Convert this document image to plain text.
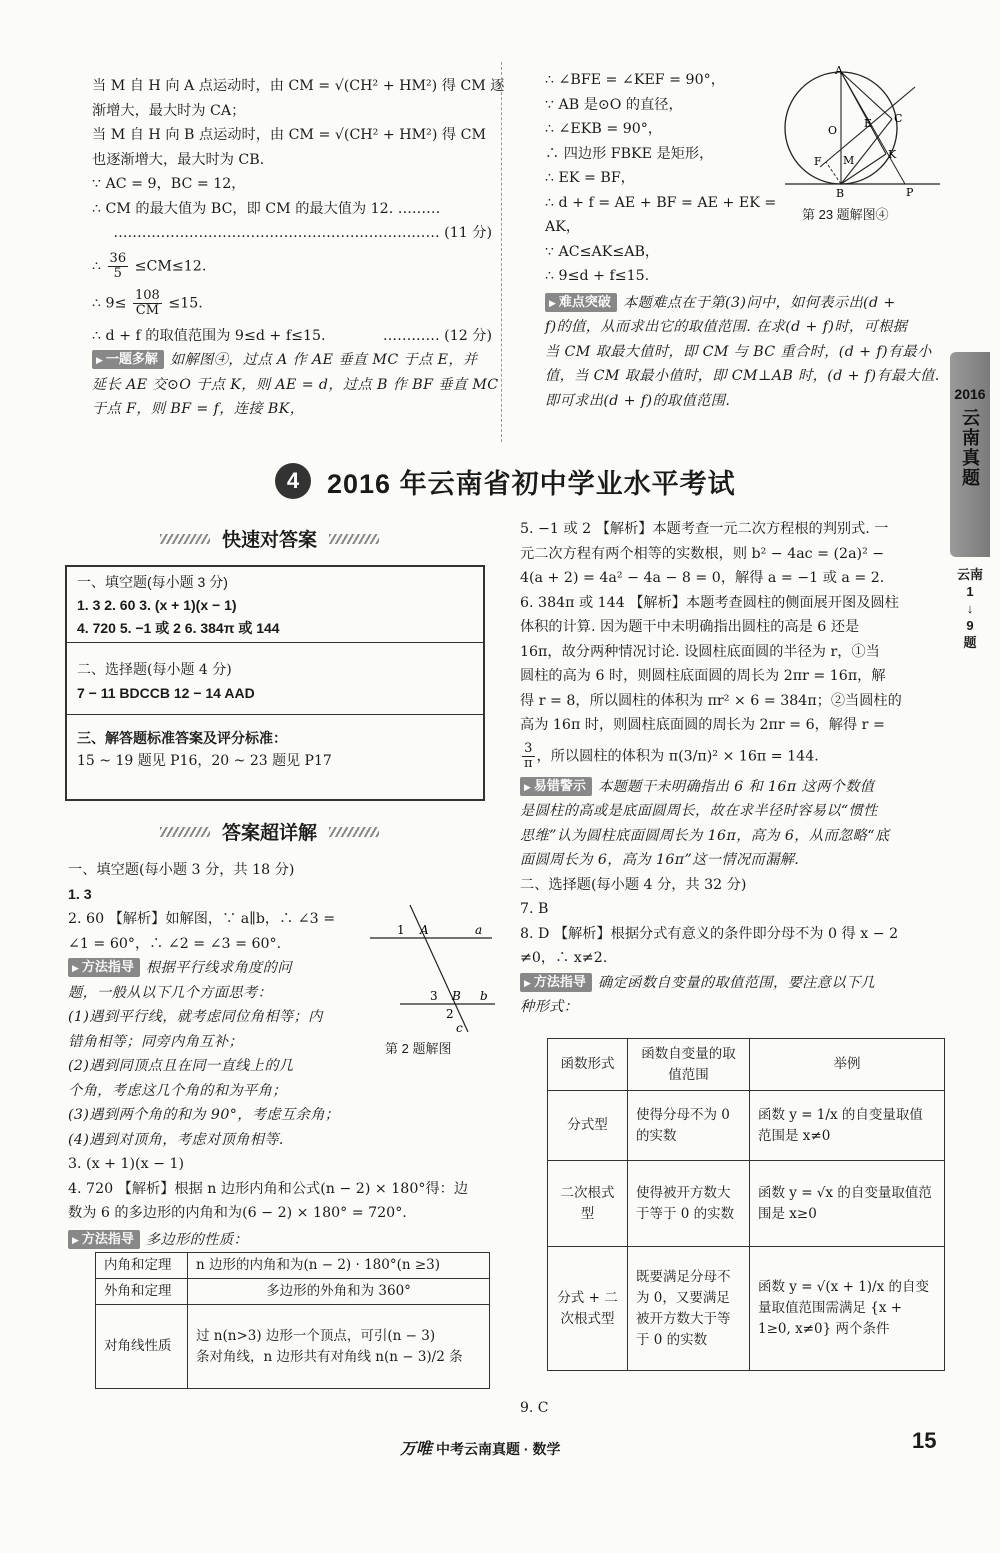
当 M 自 H 向 A 点运动时，由 CM = √(CH² + HM²) 得 CM 逐
渐增大，最大时为 CA；
当 M 自 H 向 B 点运动时，由 CM = √(CH² + HM²) 得 CM
也逐渐增大，最大时为 CB.
∵ AC = 9，BC = 12，
∴ CM 的最大值为 BC，即 CM 的最大值为 12. ………
…………………………………………………………… (11 分)
∴ $\frac{36}{5} \le CM\le 12$.
∴ $9\le \frac{108}{CM} \le 15$.
∴ d + f 的取值范围为 9≤d + f≤15.	………… (12 分)
▶ 一题多解 如解图④，过点 A 作 AE 垂直 MC 于点 E，并
延长 AE 交⊙O 于点 K，则 AE = d，过点 B 作 BF 垂直 MC
于点 F，则 BF = f，连接 BK，
∴ ∠BFE = ∠KEF = 90°，
∵ AB 是⊙O 的直径，
∴ ∠EKB = 90°，
∴ 四边形 FBKE 是矩形，
∴ EK = BF，
∴ d + f = AE + BF = AE + EK =
AK，
∵ AC≤AK≤AB，
∴ 9≤d + f≤15.
▶ 难点突破 本题难点在于第(3)问中，如何表示出(d +
f)的值，从而求出它的取值范围. 在求(d + f)时，可根据
当 CM 取最大值时，即 CM 与 BC 重合时，(d + f)有最小
值，当 CM 取最小值时，即 CM⊥AB 时，(d + f)有最大值.
即可求出(d + f)的取值范围.
A
O
E C
F M	K
B	P
第 23 题解图④
2016
云南真题
云南
1
↓
9
题
4	2016 年云南省初中学业水平考试
快速对答案
一、填空题(每小题 3 分)
1. 3 2. 60 3. (x + 1)(x − 1)
4. 720 5. −1 或 2 6. 384π 或 144
二、选择题(每小题 4 分)
7 − 11 BDCCB 12 − 14 AAD
三、解答题标准答案及评分标准：
15 ~ 19 题见 P16，20 ~ 23 题见 P17
答案超详解
一、填空题(每小题 3 分，共 18 分)
1. 3
2. 60 【解析】如解图，∵ a∥b，∴ ∠3 =
∠1 = 60°，∴ ∠2 = ∠3 = 60°.
▶ 方法指导 根据平行线求角度的问
题，一般从以下几个方面思考：
(1)遇到平行线，就考虑同位角相等；内
错角相等；同旁内角互补；
(2)遇到同顶点且在同一直线上的几
个角，考虑这几个角的和为平角；
(3)遇到两个角的和为 90°，考虑互余角；
(4)遇到对顶角，考虑对顶角相等.
3. (x + 1)(x − 1)
4. 720 【解析】根据 n 边形内角和公式(n − 2) × 180°得：边
数为 6 的多边形的内角和为(6 − 2) × 180° = 720°.
▶ 方法指导 多边形的性质：
1 A	a
3 B b
2
c
第 2 题解图
内角和定理	n 边形的内角和为(n − 2) · 180°(n ≥3)
外角和定理	多边形的外角和为 360°
对角线性质	过 n(n>3) 边形一个顶点，可引(n − 3)
条对角线，n 边形共有对角线 n(n − 3)/2 条
5. −1 或 2 【解析】本题考查一元二次方程根的判别式. 一
元二次方程有两个相等的实数根，则 b² − 4ac = (2a)² −
4(a + 2) = 4a² − 4a − 8 = 0，解得 a = −1 或 a = 2.
6. 384π 或 144 【解析】本题考查圆柱的侧面展开图及圆柱
体积的计算. 因为题干中未明确指出圆柱的高是 6 还是
16π，故分两种情况讨论. 设圆柱底面圆的半径为 r，①当
圆柱的高为 6 时，则圆柱底面圆的周长为 2πr = 16π，解
得 r = 8，所以圆柱的体积为 πr² × 6 = 384π；②当圆柱的
高为 16π 时，则圆柱底面圆的周长为 2πr = 6，解得 r =
$\frac{3}{\pi}$ ，所以圆柱的体积为 π(3/π)² × 16π = 144.
▶ 易错警示 本题题干未明确指出 6 和 16π 这两个数值
是圆柱的高或是底面圆周长，故在求半径时容易以“惯性
思维”认为圆柱底面圆周长为 16π，高为 6，从而忽略“底
面圆周长为 6，高为 16π”这一情况而漏解.
二、选择题(每小题 4 分，共 32 分)
7. B
8. D 【解析】根据分式有意义的条件即分母不为 0 得 x − 2
≠0，∴ x≠2.
▶ 方法指导 确定函数自变量的取值范围，要注意以下几
种形式：
函数形式	函数自变量的取值范围	举例
分式型	使得分母不为 0 的实数	函数 y = 1/x 的自变量取值范围是 x≠0
二次根式型	使得被开方数大于等于 0 的实数	函数 y = √x 的自变量取值范围是 x≥0
分式 + 二次根式型	既要满足分母不为 0，又要满足被开方数大于等于 0 的实数	函数 y = √(x + 1)/x 的自变量取值范围需满足 {x + 1≥0, x≠0} 两个条件
9. C
万唯 中考云南真题 · 数学	15
